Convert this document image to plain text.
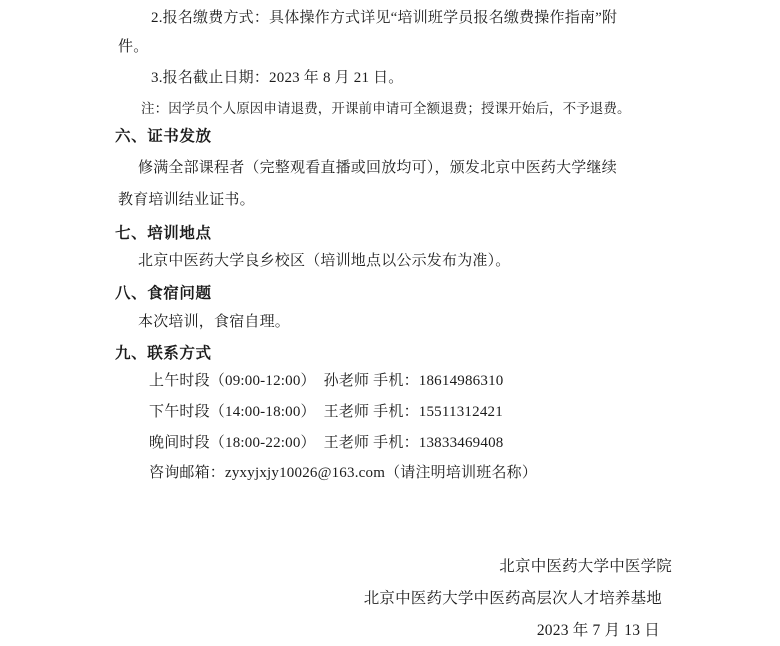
2.报名缴费方式：具体操作方式详见“培训班学员报名缴费操作指南”附
件。
3.报名截止日期：2023 年 8 月 21 日。
注：因学员个人原因申请退费，开课前申请可全额退费；授课开始后，不予退费。
六、证书发放
修满全部课程者（完整观看直播或回放均可），颁发北京中医药大学继续
教育培训结业证书。
七、培训地点
北京中医药大学良乡校区（培训地点以公示发布为准）。
八、食宿问题
本次培训，食宿自理。
九、联系方式
上午时段（09:00-12:00）  孙老师 手机：18614986310
下午时段（14:00-18:00）  王老师 手机：15511312421
晚间时段（18:00-22:00）  王老师 手机：13833469408
咨询邮箱：zyxyjxjy10026@163.com（请注明培训班名称）
北京中医药大学中医学院
北京中医药大学中医药高层次人才培养基地
2023 年 7 月 13 日
